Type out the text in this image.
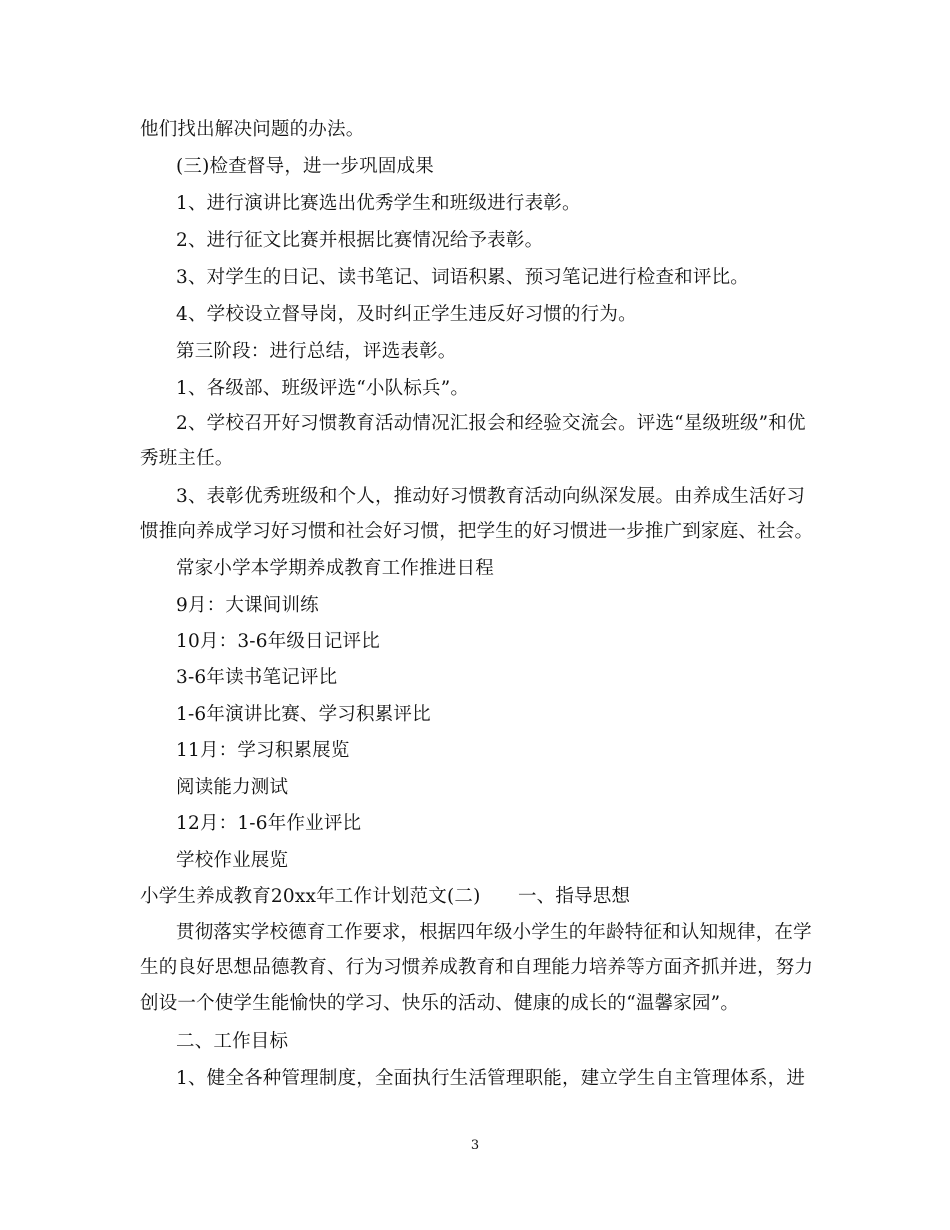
他们找出解决问题的办法。
(三)检查督导，进一步巩固成果
1、进行演讲比赛选出优秀学生和班级进行表彰。
2、进行征文比赛并根据比赛情况给予表彰。
3、对学生的日记、读书笔记、词语积累、预习笔记进行检查和评比。
4、学校设立督导岗，及时纠正学生违反好习惯的行为。
第三阶段：进行总结，评选表彰。
1、各级部、班级评选“小队标兵”。
2、学校召开好习惯教育活动情况汇报会和经验交流会。评选“星级班级”和优
秀班主任。
3、表彰优秀班级和个人，推动好习惯教育活动向纵深发展。由养成生活好习
惯推向养成学习好习惯和社会好习惯，把学生的好习惯进一步推广到家庭、社会。
常家小学本学期养成教育工作推进日程
9月：大课间训练
10月：3-6年级日记评比
3-6年读书笔记评比
1-6年演讲比赛、学习积累评比
11月：学习积累展览
阅读能力测试
12月：1-6年作业评比
学校作业展览
小学生养成教育20xx年工作计划范文(二)　　一、指导思想
贯彻落实学校德育工作要求，根据四年级小学生的年龄特征和认知规律，在学
生的良好思想品德教育、行为习惯养成教育和自理能力培养等方面齐抓并进，努力
创设一个使学生能愉快的学习、快乐的活动、健康的成长的“温馨家园”。
二、工作目标
1、健全各种管理制度，全面执行生活管理职能，建立学生自主管理体系，进
3
